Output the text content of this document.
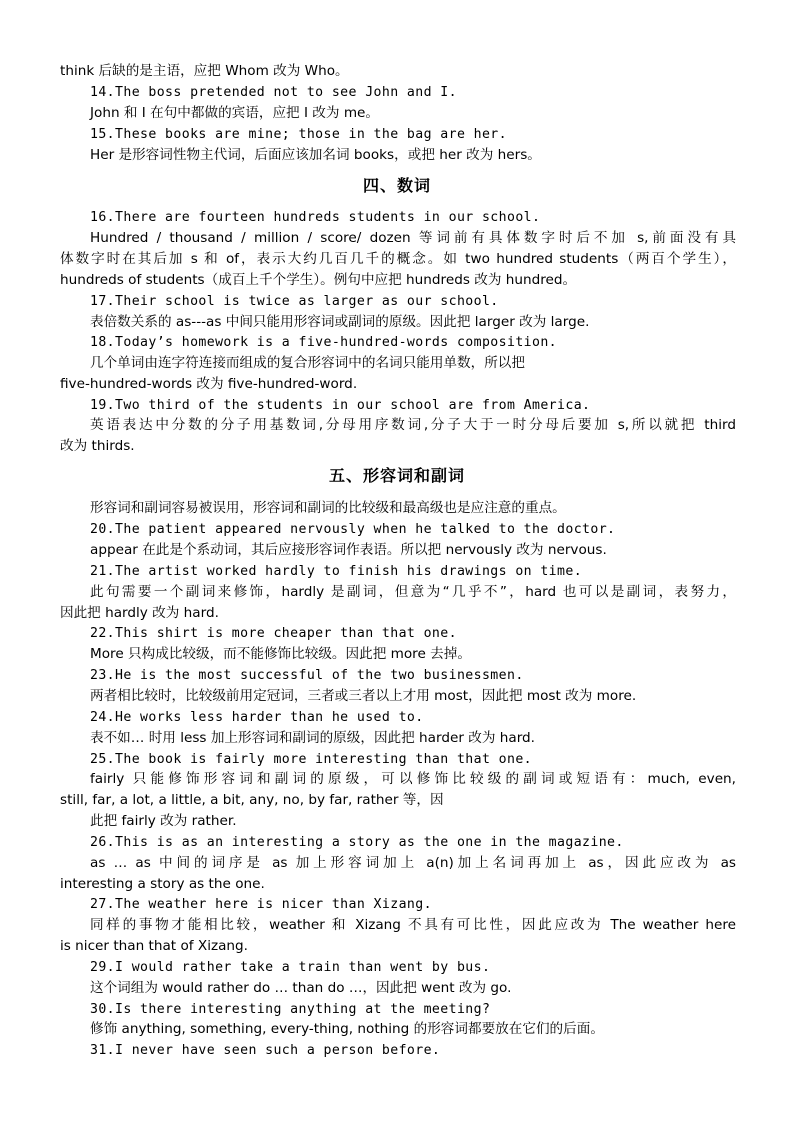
think 后缺的是主语，应把 Whom 改为 Who。
14.The boss pretended not to see John and I.
John 和 I 在句中都做的宾语，应把 I 改为 me。
15.These books are mine; those in the bag are her.
Her 是形容词性物主代词，后面应该加名词 books，或把 her 改为 hers。
四、数词
16.There are fourteen hundreds students in our school.
Hundred / thousand / million / score/ dozen 等词前有具体数字时后不加 s,前面没有具
体数字时在其后加 s 和 of，表示大约几百几千的概念。如 two hundred students（两百个学生），
hundreds of students（成百上千个学生）。例句中应把 hundreds 改为 hundred。
17.Their school is twice as larger as our school.
表倍数关系的 as---as 中间只能用形容词或副词的原级。因此把 larger 改为 large.
18.Today’s homework is a five-hundred-words composition.
几个单词由连字符连接而组成的复合形容词中的名词只能用单数，所以把
five-hundred-words 改为 five-hundred-word.
19.Two third of the students in our school are from America.
英语表达中分数的分子用基数词,分母用序数词,分子大于一时分母后要加 s,所以就把 third
改为 thirds.
五、形容词和副词
形容词和副词容易被误用，形容词和副词的比较级和最高级也是应注意的重点。
20.The patient appeared nervously when he talked to the doctor.
appear 在此是个系动词，其后应接形容词作表语。所以把 nervously 改为 nervous.
21.The artist worked hardly to finish his drawings on time.
此句需要一个副词来修饰，hardly 是副词，但意为“几乎不”，hard 也可以是副词，表努力，
因此把 hardly 改为 hard.
22.This shirt is more cheaper than that one.
More 只构成比较级，而不能修饰比较级。因此把 more 去掉。
23.He is the most successful of the two businessmen.
两者相比较时，比较级前用定冠词，三者或三者以上才用 most，因此把 most 改为 more.
24.He works less harder than he used to.
表不如… 时用 less 加上形容词和副词的原级，因此把 harder 改为 hard.
25.The book is fairly more interesting than that one.
fairly 只能修饰形容词和副词的原级，可以修饰比较级的副词或短语有：much, even,
still, far, a lot, a little, a bit, any, no, by far, rather 等，因
此把 fairly 改为 rather.
26.This is as an interesting a story as the one in the magazine.
as … as 中间的词序是 as 加上形容词加上 a(n)加上名词再加上 as，因此应改为 as
interesting a story as the one.
27.The weather here is nicer than Xizang.
同样的事物才能相比较，weather 和 Xizang 不具有可比性，因此应改为 The weather here
is nicer than that of Xizang.
29.I would rather take a train than went by bus.
这个词组为 would rather do … than do …，因此把 went 改为 go.
30.Is there interesting anything at the meeting?
修饰 anything, something, every-thing, nothing 的形容词都要放在它们的后面。
31.I never have seen such a person before.
